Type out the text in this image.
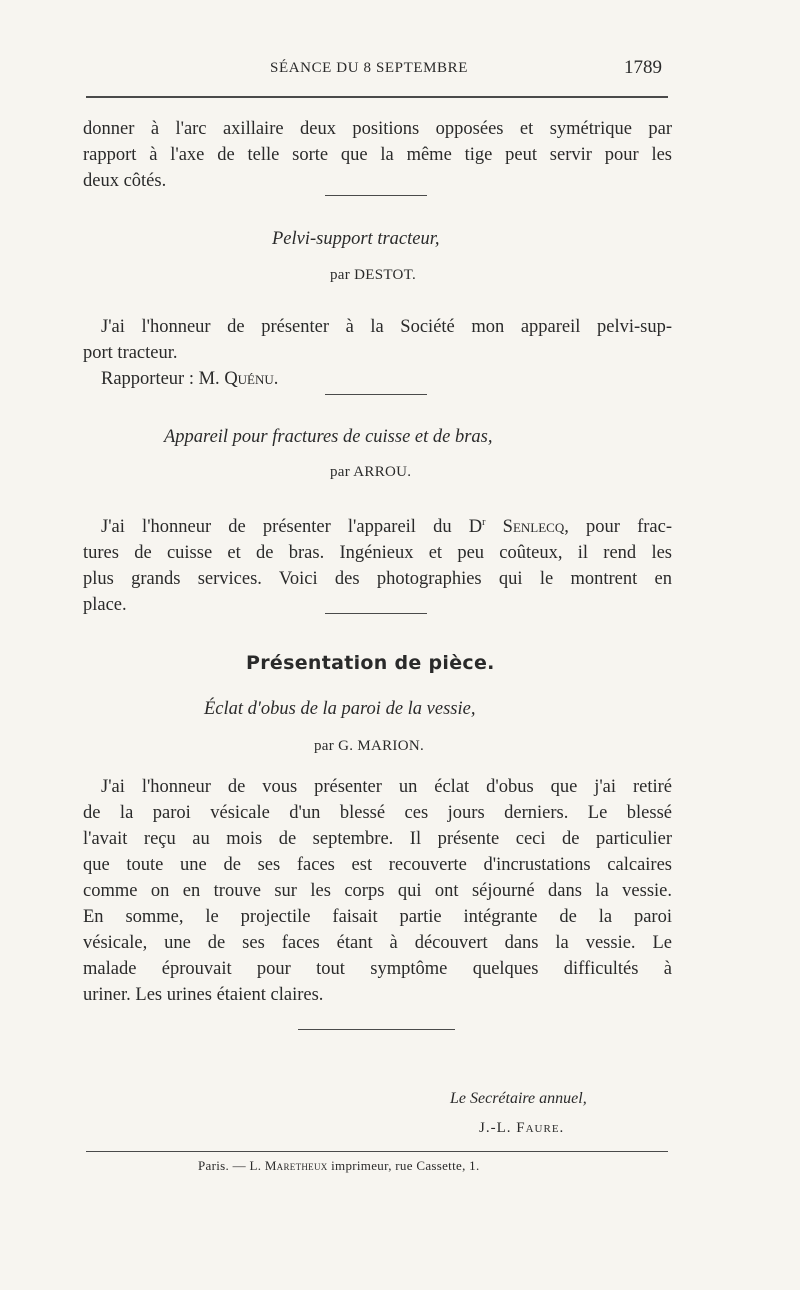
SÉANCE DU 8 SEPTEMBRE	1789
donner à l'arc axillaire deux positions opposées et symétrique par
rapport à l'axe de telle sorte que la même tige peut servir pour les
deux côtés.
Pelvi-support tracteur,
par DESTOT.
J'ai l'honneur de présenter à la Société mon appareil pelvi-sup-
port tracteur.
Rapporteur : M. Quénu.
Appareil pour fractures de cuisse et de bras,
par ARROU.
J'ai l'honneur de présenter l'appareil du $D^r$ Senlecq, pour frac-
tures de cuisse et de bras. Ingénieux et peu coûteux, il rend les
plus grands services. Voici des photographies qui le montrent en
place.
Présentation de pièce.
Éclat d'obus de la paroi de la vessie,
par G. MARION.
J'ai l'honneur de vous présenter un éclat d'obus que j'ai retiré
de la paroi vésicale d'un blessé ces jours derniers. Le blessé
l'avait reçu au mois de septembre. Il présente ceci de particulier
que toute une de ses faces est recouverte d'incrustations calcaires
comme on en trouve sur les corps qui ont séjourné dans la vessie.
En somme, le projectile faisait partie intégrante de la paroi
vésicale, une de ses faces étant à découvert dans la vessie. Le
malade éprouvait pour tout symptôme quelques difficultés à
uriner. Les urines étaient claires.
Le Secrétaire annuel,
J.-L. Faure.
Paris. — L. Maretheux imprimeur, rue Cassette, 1.
